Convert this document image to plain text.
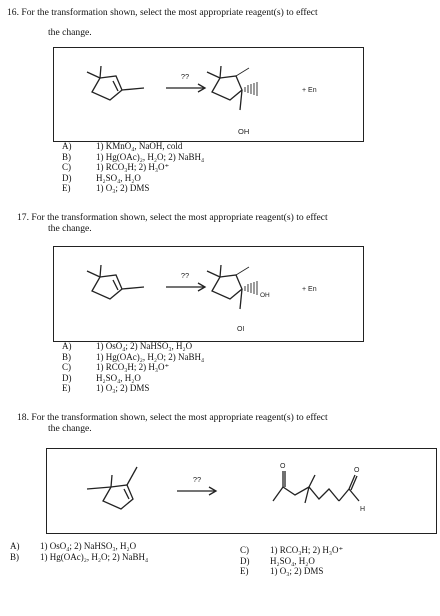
16. For the transformation shown, select the most appropriate reagent(s) to effect
the change.
??
OH
+ En
A)	1) KMnO₄, NaOH, cold
B)	1) Hg(OAc)₂, H₂O; 2) NaBH₄
C)	1) RCO₃H; 2) H₃O⁺
D)	H₂SO₄, H₂O
E)	1) O₃; 2) DMS
17. For the transformation shown, select the most appropriate reagent(s) to effect
the change.
??
OH
OI
+ En
A)	1) OsO₄; 2) NaHSO₃, H₂O
B)	1) Hg(OAc)₂, H₂O; 2) NaBH₄
C)	1) RCO₃H; 2) H₃O⁺
D)	H₂SO₄, H₂O
E)	1) O₃; 2) DMS
18. For the transformation shown, select the most appropriate reagent(s) to effect
the change.
??
O
O
H
A)	1) OsO₄; 2) NaHSO₃, H₂O
B)	1) Hg(OAc)₂, H₂O; 2) NaBH₄
C)	1) RCO₃H; 2) H₃O⁺
D)	H₂SO₄, H₂O
E)	1) O₃; 2) DMS
